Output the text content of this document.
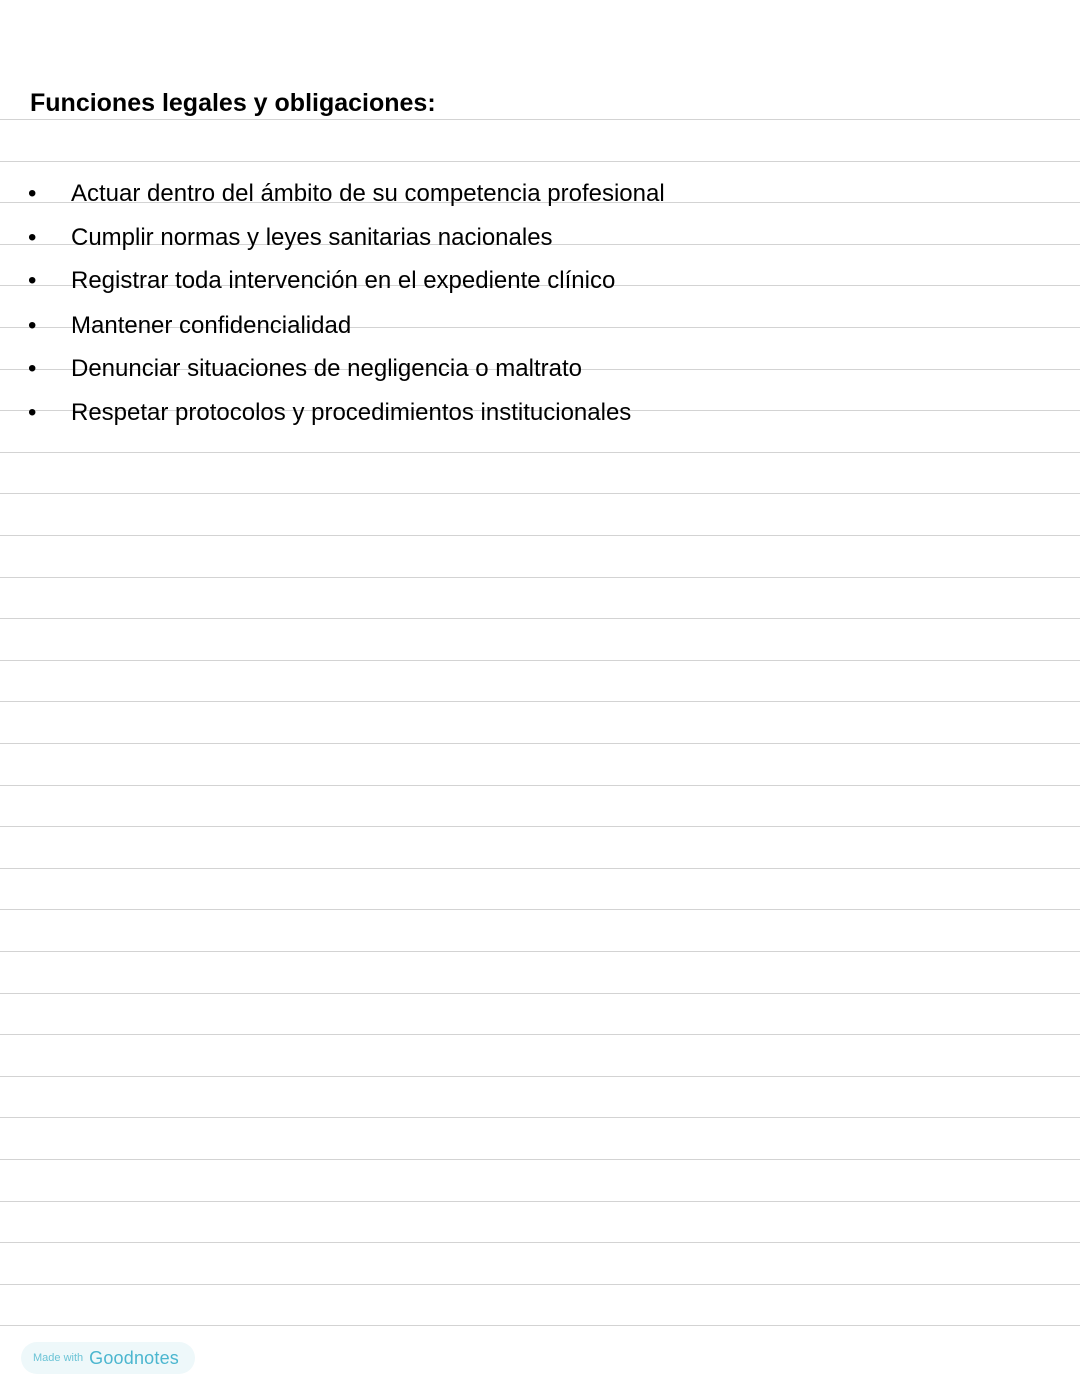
Funciones legales y obligaciones:
• Actuar dentro del ámbito de su competencia profesional
• Cumplir normas y leyes sanitarias nacionales
• Registrar toda intervención en el expediente clínico
• Mantener confidencialidad
• Denunciar situaciones de negligencia o maltrato
• Respetar protocolos y procedimientos institucionales
Made with Goodnotes
